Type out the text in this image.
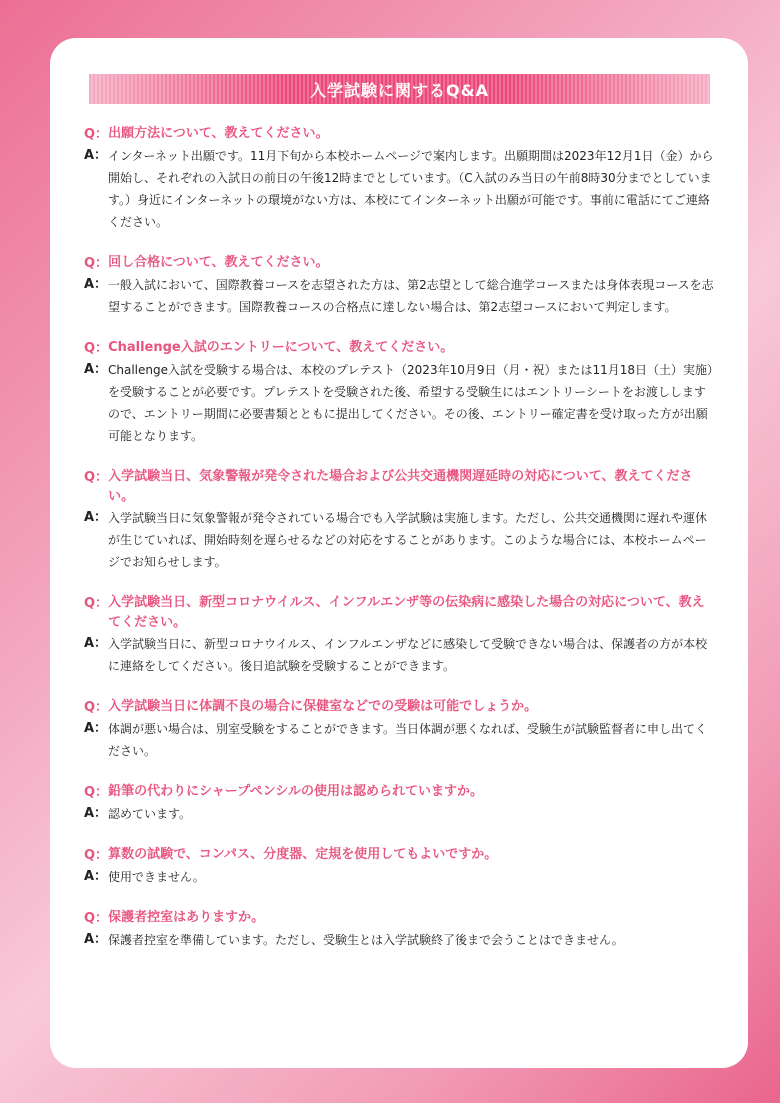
入学試験に関するQ&A
Q： 出願方法について、教えてください。
A： インターネット出願です。11月下旬から本校ホームページで案内します。出願期間は2023年12月1日（金）から開始し、それぞれの入試日の前日の午後12時までとしています。（C入試のみ当日の午前8時30分までとしています。）身近にインターネットの環境がない方は、本校にてインターネット出願が可能です。事前に電話にてご連絡ください。
Q： 回し合格について、教えてください。
A： 一般入試において、国際教養コースを志望された方は、第2志望として総合進学コースまたは身体表現コースを志望することができます。国際教養コースの合格点に達しない場合は、第2志望コースにおいて判定します。
Q： Challenge入試のエントリーについて、教えてください。
A： Challenge入試を受験する場合は、本校のプレテスト（2023年10月9日（月・祝）または11月18日（土）実施）を受験することが必要です。プレテストを受験された後、希望する受験生にはエントリーシートをお渡ししますので、エントリー期間に必要書類とともに提出してください。その後、エントリー確定書を受け取った方が出願可能となります。
Q： 入学試験当日、気象警報が発令された場合および公共交通機関遅延時の対応について、教えてください。
A： 入学試験当日に気象警報が発令されている場合でも入学試験は実施します。ただし、公共交通機関に遅れや運休が生じていれば、開始時刻を遅らせるなどの対応をすることがあります。このような場合には、本校ホームページでお知らせします。
Q： 入学試験当日、新型コロナウイルス、インフルエンザ等の伝染病に感染した場合の対応について、教えてください。
A： 入学試験当日に、新型コロナウイルス、インフルエンザなどに感染して受験できない場合は、保護者の方が本校に連絡をしてください。後日追試験を受験することができます。
Q： 入学試験当日に体調不良の場合に保健室などでの受験は可能でしょうか。
A： 体調が悪い場合は、別室受験をすることができます。当日体調が悪くなれば、受験生が試験監督者に申し出てください。
Q： 鉛筆の代わりにシャープペンシルの使用は認められていますか。
A： 認めています。
Q： 算数の試験で、コンパス、分度器、定規を使用してもよいですか。
A： 使用できません。
Q： 保護者控室はありますか。
A： 保護者控室を準備しています。ただし、受験生とは入学試験終了後まで会うことはできません。
